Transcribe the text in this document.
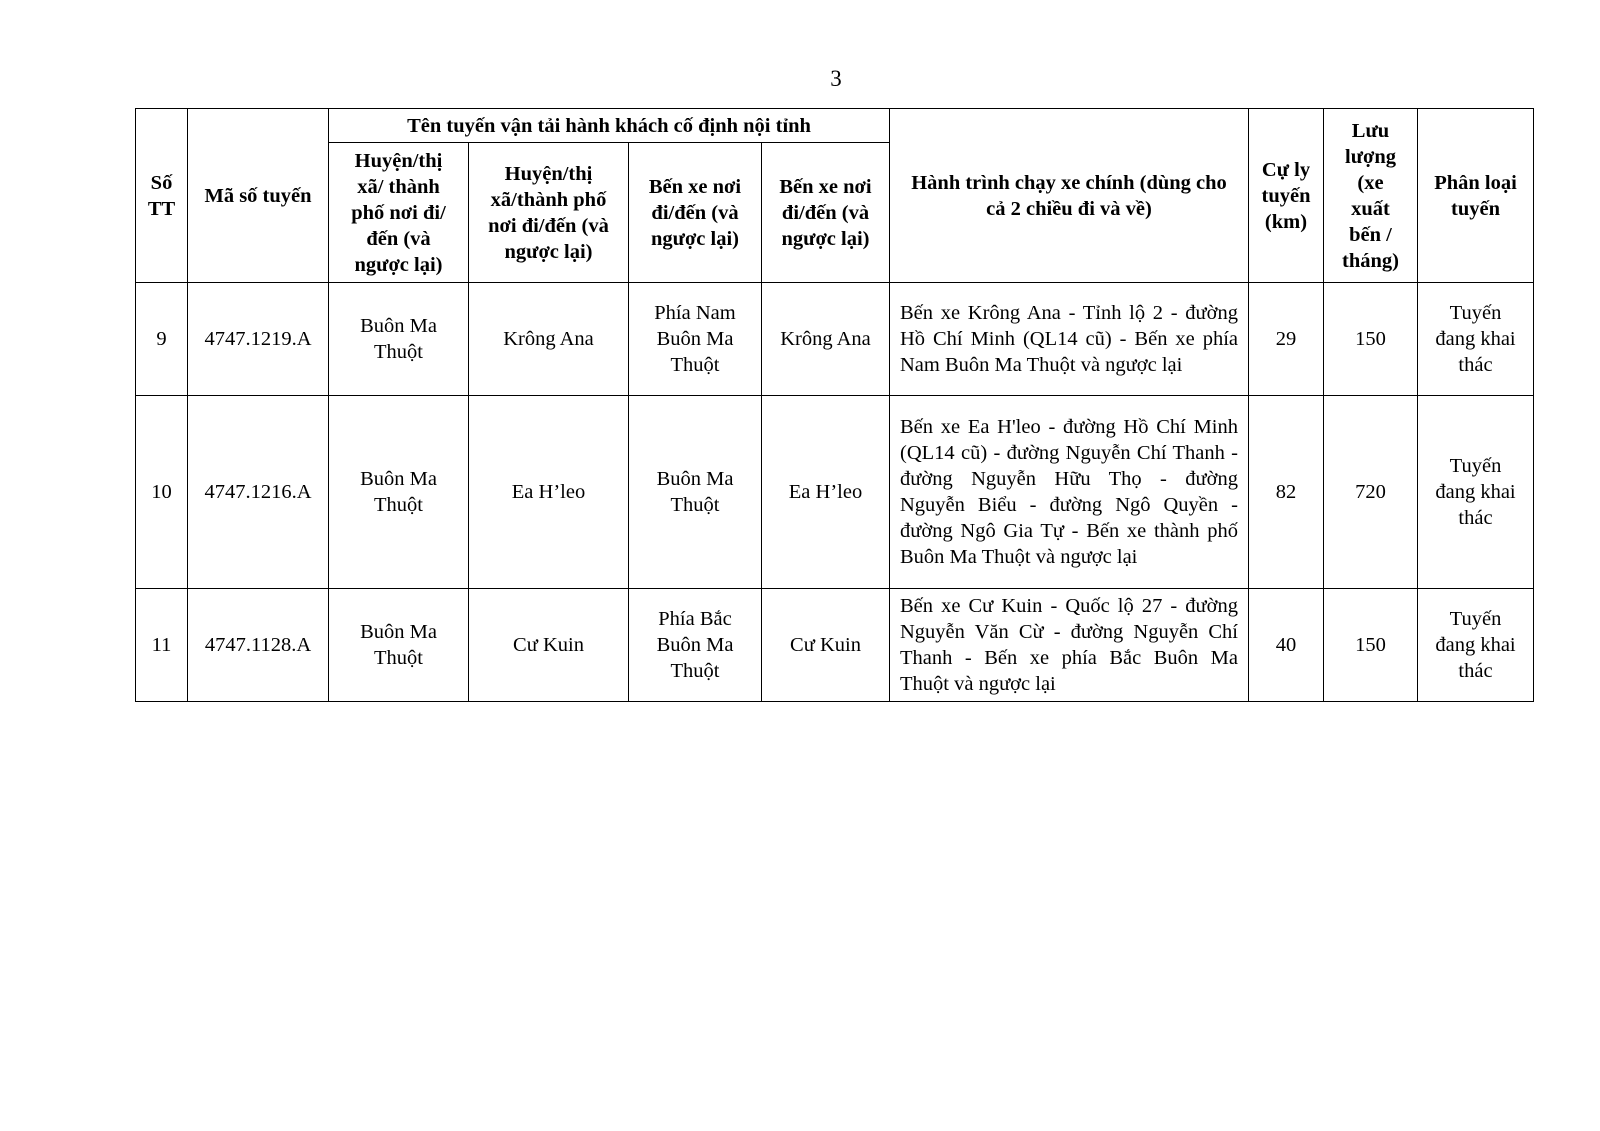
3
Số TT	Mã số tuyến	Tên tuyến vận tải hành khách cố định nội tỉnh				Hành trình chạy xe chính (dùng cho cả 2 chiều đi và về)	Cự ly tuyến (km)	Lưu lượng (xe xuất bến / tháng)	Phân loại tuyến
		Huyện/thị xã/ thành phố nơi đi/đến (và ngược lại)	Huyện/thị xã/thành phố nơi đi/đến (và ngược lại)	Bến xe nơi đi/đến (và ngược lại)	Bến xe nơi đi/đến (và ngược lại)				
9	4747.1219.A	Buôn Ma Thuột	Krông Ana	Phía Nam Buôn Ma Thuột	Krông Ana	Bến xe Krông Ana - Tỉnh lộ 2 - đường Hồ Chí Minh (QL14 cũ) - Bến xe phía Nam Buôn Ma Thuột và ngược lại	29	150	Tuyến đang khai thác
10	4747.1216.A	Buôn Ma Thuột	Ea H’leo	Buôn Ma Thuột	Ea H’leo	Bến xe Ea H'leo - đường Hồ Chí Minh (QL14 cũ) - đường Nguyễn Chí Thanh - đường Nguyễn Hữu Thọ - đường Nguyễn Biểu - đường Ngô Quyền - đường Ngô Gia Tự - Bến xe thành phố Buôn Ma Thuột và ngược lại	82	720	Tuyến đang khai thác
11	4747.1128.A	Buôn Ma Thuột	Cư Kuin	Phía Bắc Buôn Ma Thuột	Cư Kuin	Bến xe Cư Kuin - Quốc lộ 27 - đường Nguyễn Văn Cừ - đường Nguyễn Chí Thanh - Bến xe phía Bắc Buôn Ma Thuột và ngược lại	40	150	Tuyến đang khai thác
